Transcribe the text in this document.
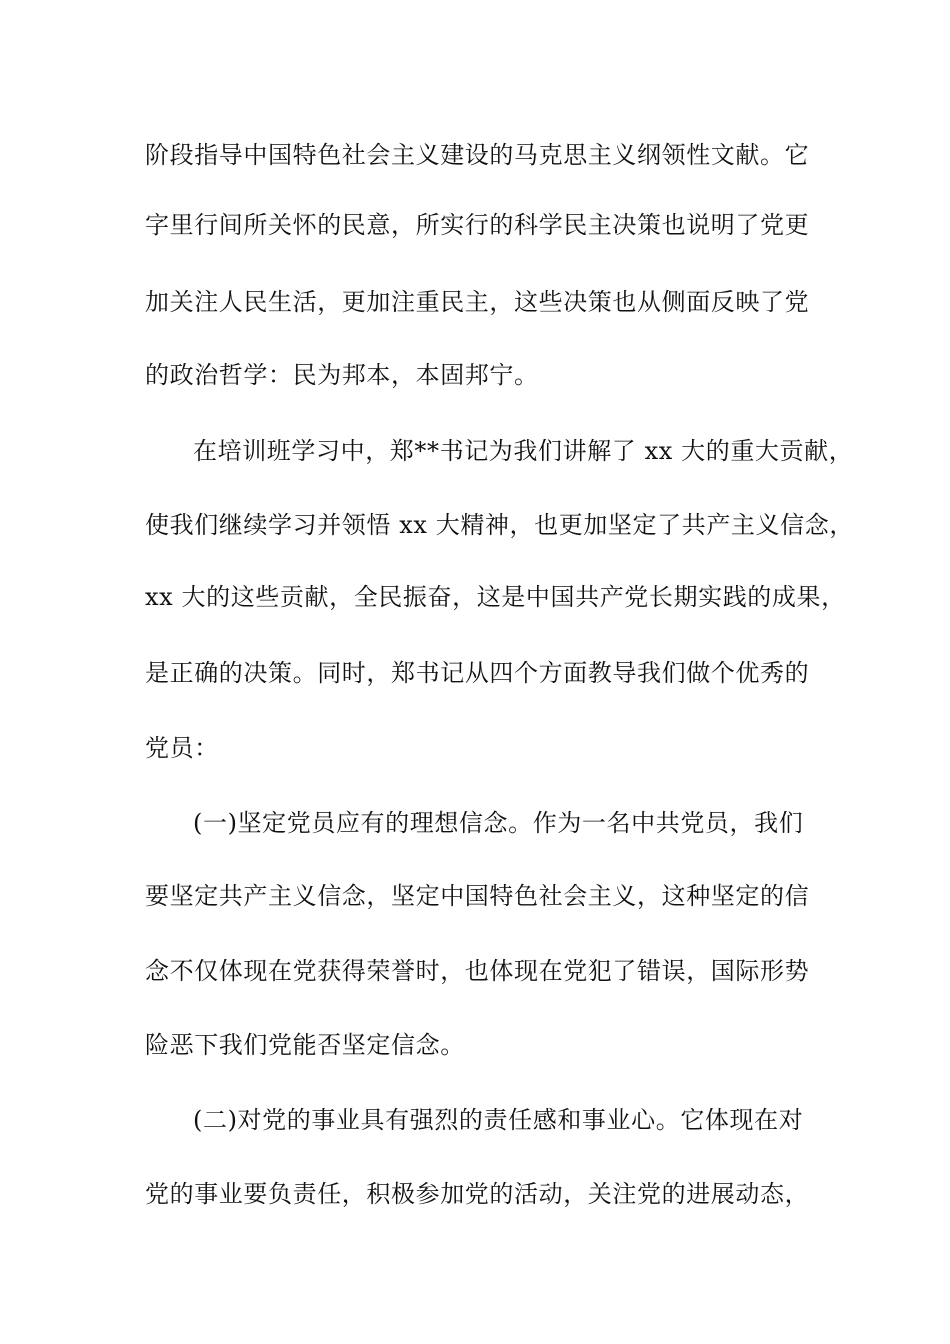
阶段指导中国特色社会主义建设的马克思主义纲领性文献。它
字里行间所关怀的民意，所实行的科学民主决策也说明了党更
加关注人民生活，更加注重民主，这些决策也从侧面反映了党
的政治哲学：民为邦本，本固邦宁。
在培训班学习中，郑**书记为我们讲解了 xx 大的重大贡献，
使我们继续学习并领悟 xx 大精神，也更加坚定了共产主义信念，
xx 大的这些贡献，全民振奋，这是中国共产党长期实践的成果，
是正确的决策。同时，郑书记从四个方面教导我们做个优秀的
党员：
(一)坚定党员应有的理想信念。作为一名中共党员，我们
要坚定共产主义信念，坚定中国特色社会主义，这种坚定的信
念不仅体现在党获得荣誉时，也体现在党犯了错误，国际形势
险恶下我们党能否坚定信念。
(二)对党的事业具有强烈的责任感和事业心。它体现在对
党的事业要负责任，积极参加党的活动，关注党的进展动态，
